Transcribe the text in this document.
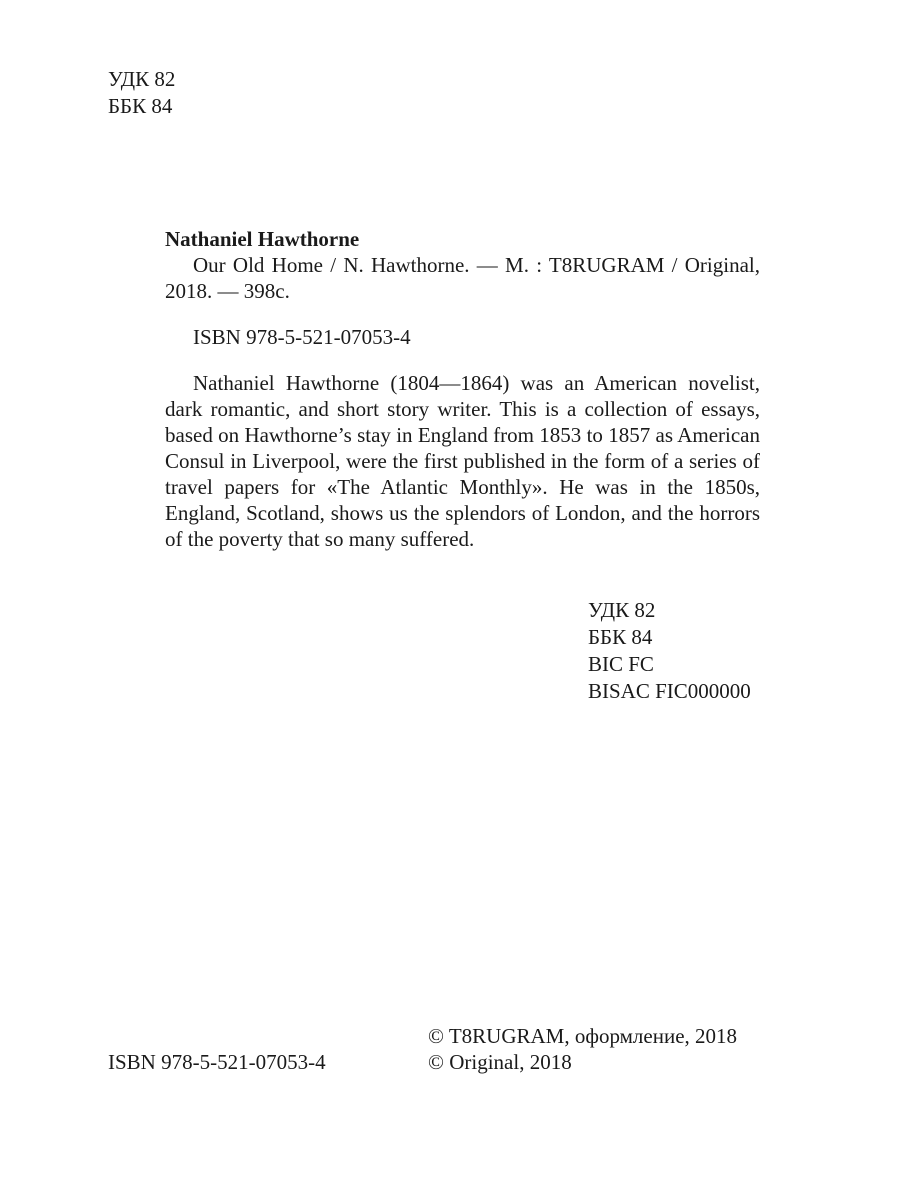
УДК 82
ББК 84
Nathaniel Hawthorne
Our Old Home / N. Hawthorne. — M. : T8RUGRAM / Original, 2018. — 398c.
ISBN 978-5-521-07053-4
Nathaniel Hawthorne (1804—1864) was an American novelist, dark romantic, and short story writer. This is a collection of essays, based on Hawthorne’s stay in England from 1853 to 1857 as American Consul in Liverpool, were the first published in the form of a series of travel papers for «The Atlantic Monthly». He was in the 1850s, England, Scotland, shows us the splendors of London, and the horrors of the poverty that so many suffered.
УДК 82
ББК 84
BIC FC
BISAC FIC000000
ISBN 978-5-521-07053-4
© T8RUGRAM, оформление, 2018
© Original, 2018
